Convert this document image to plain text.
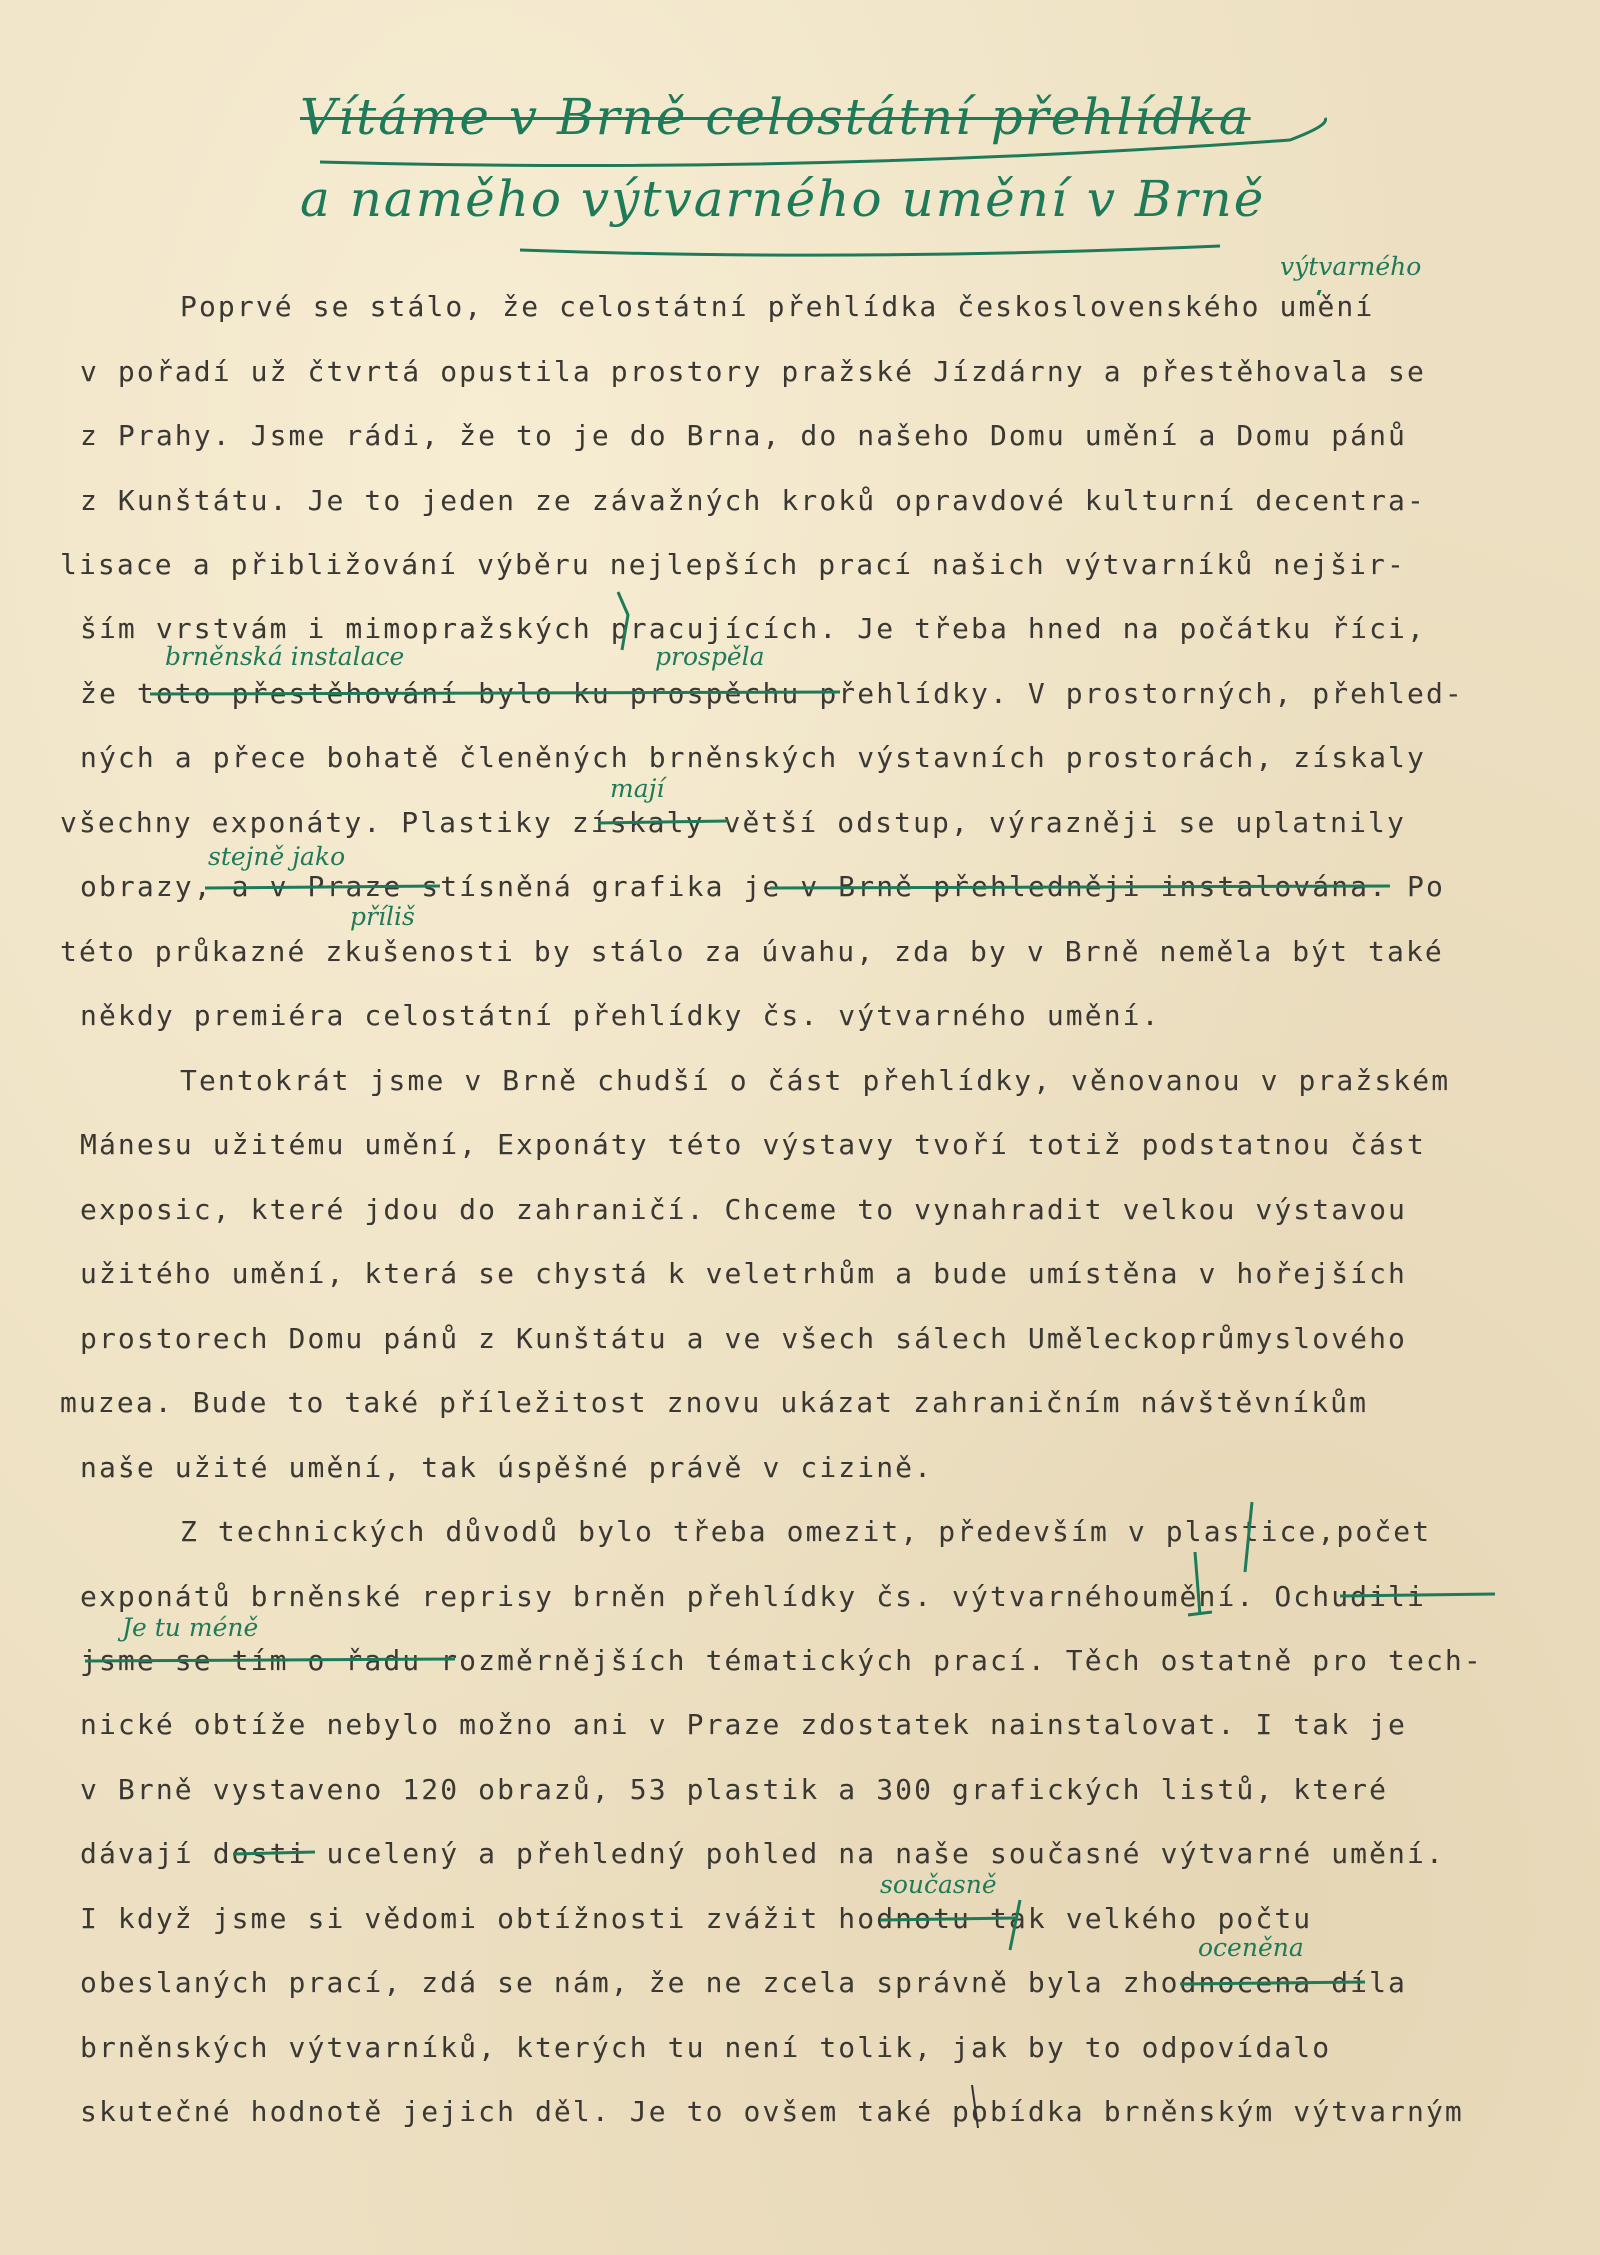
Vítáme v Brně celostátní přehlídka
a naměho výtvarného umění v Brně
Poprvé se stálo, že celostátní přehlídka československého umění
v pořadí už čtvrtá opustila prostory pražské Jízdárny a přestěhovala se
z Prahy. Jsme rádi, že to je do Brna, do našeho Domu umění a Domu pánů
z Kunštátu. Je to jeden ze závažných kroků opravdové kulturní decentra-
lisace a přibližování výběru nejlepších prací našich výtvarníků nejšir-
ším vrstvám i mimopražských pracujících. Je třeba hned na počátku říci,
že toto přestěhování bylo ku prospěchu přehlídky. V prostorných, přehled-
ných a přece bohatě členěných brněnských výstavních prostorách, získaly
všechny exponáty. Plastiky získaly větší odstup, výrazněji se uplatnily
obrazy, a v Praze stísněná grafika je v Brně přehledněji instalována. Po
této průkazné zkušenosti by stálo za úvahu, zda by v Brně neměla být také
někdy premiéra celostátní přehlídky čs. výtvarného umění.
Tentokrát jsme v Brně chudší o část přehlídky, věnovanou v pražském
Mánesu užitému umění, Exponáty této výstavy tvoří totiž podstatnou část
exposic, které jdou do zahraničí. Chceme to vynahradit velkou výstavou
užitého umění, která se chystá k veletrhům a bude umístěna v hořejších
prostorech Domu pánů z Kunštátu a ve všech sálech Uměleckoprůmyslového
muzea. Bude to také příležitost znovu ukázat zahraničním návštěvníkům
naše užité umění, tak úspěšné právě v cizině.
Z technických důvodů bylo třeba omezit, především v plastice,počet
exponátů brněnské reprisy brněn přehlídky čs. výtvarnéhoumění. Ochudili
jsme se tím o řadu rozměrnějších tématických prací. Těch ostatně pro tech-
nické obtíže nebylo možno ani v Praze zdostatek nainstalovat. I tak je
v Brně vystaveno 120 obrazů, 53 plastik a 300 grafických listů, které
dávají dosti ucelený a přehledný pohled na naše současné výtvarné umění.
I když jsme si vědomi obtížnosti zvážit hodnotu tak velkého počtu
obeslaných prací, zdá se nám, že ne zcela správně byla zhodnocena díla
brněnských výtvarníků, kterých tu není tolik, jak by to odpovídalo
skutečné hodnotě jejich děl. Je to ovšem také pobídka brněnským výtvarným
výtvarného
brněnská instalace	prospěla
mají
stejně jako
příliš
Je tu méně
současně
oceněna
